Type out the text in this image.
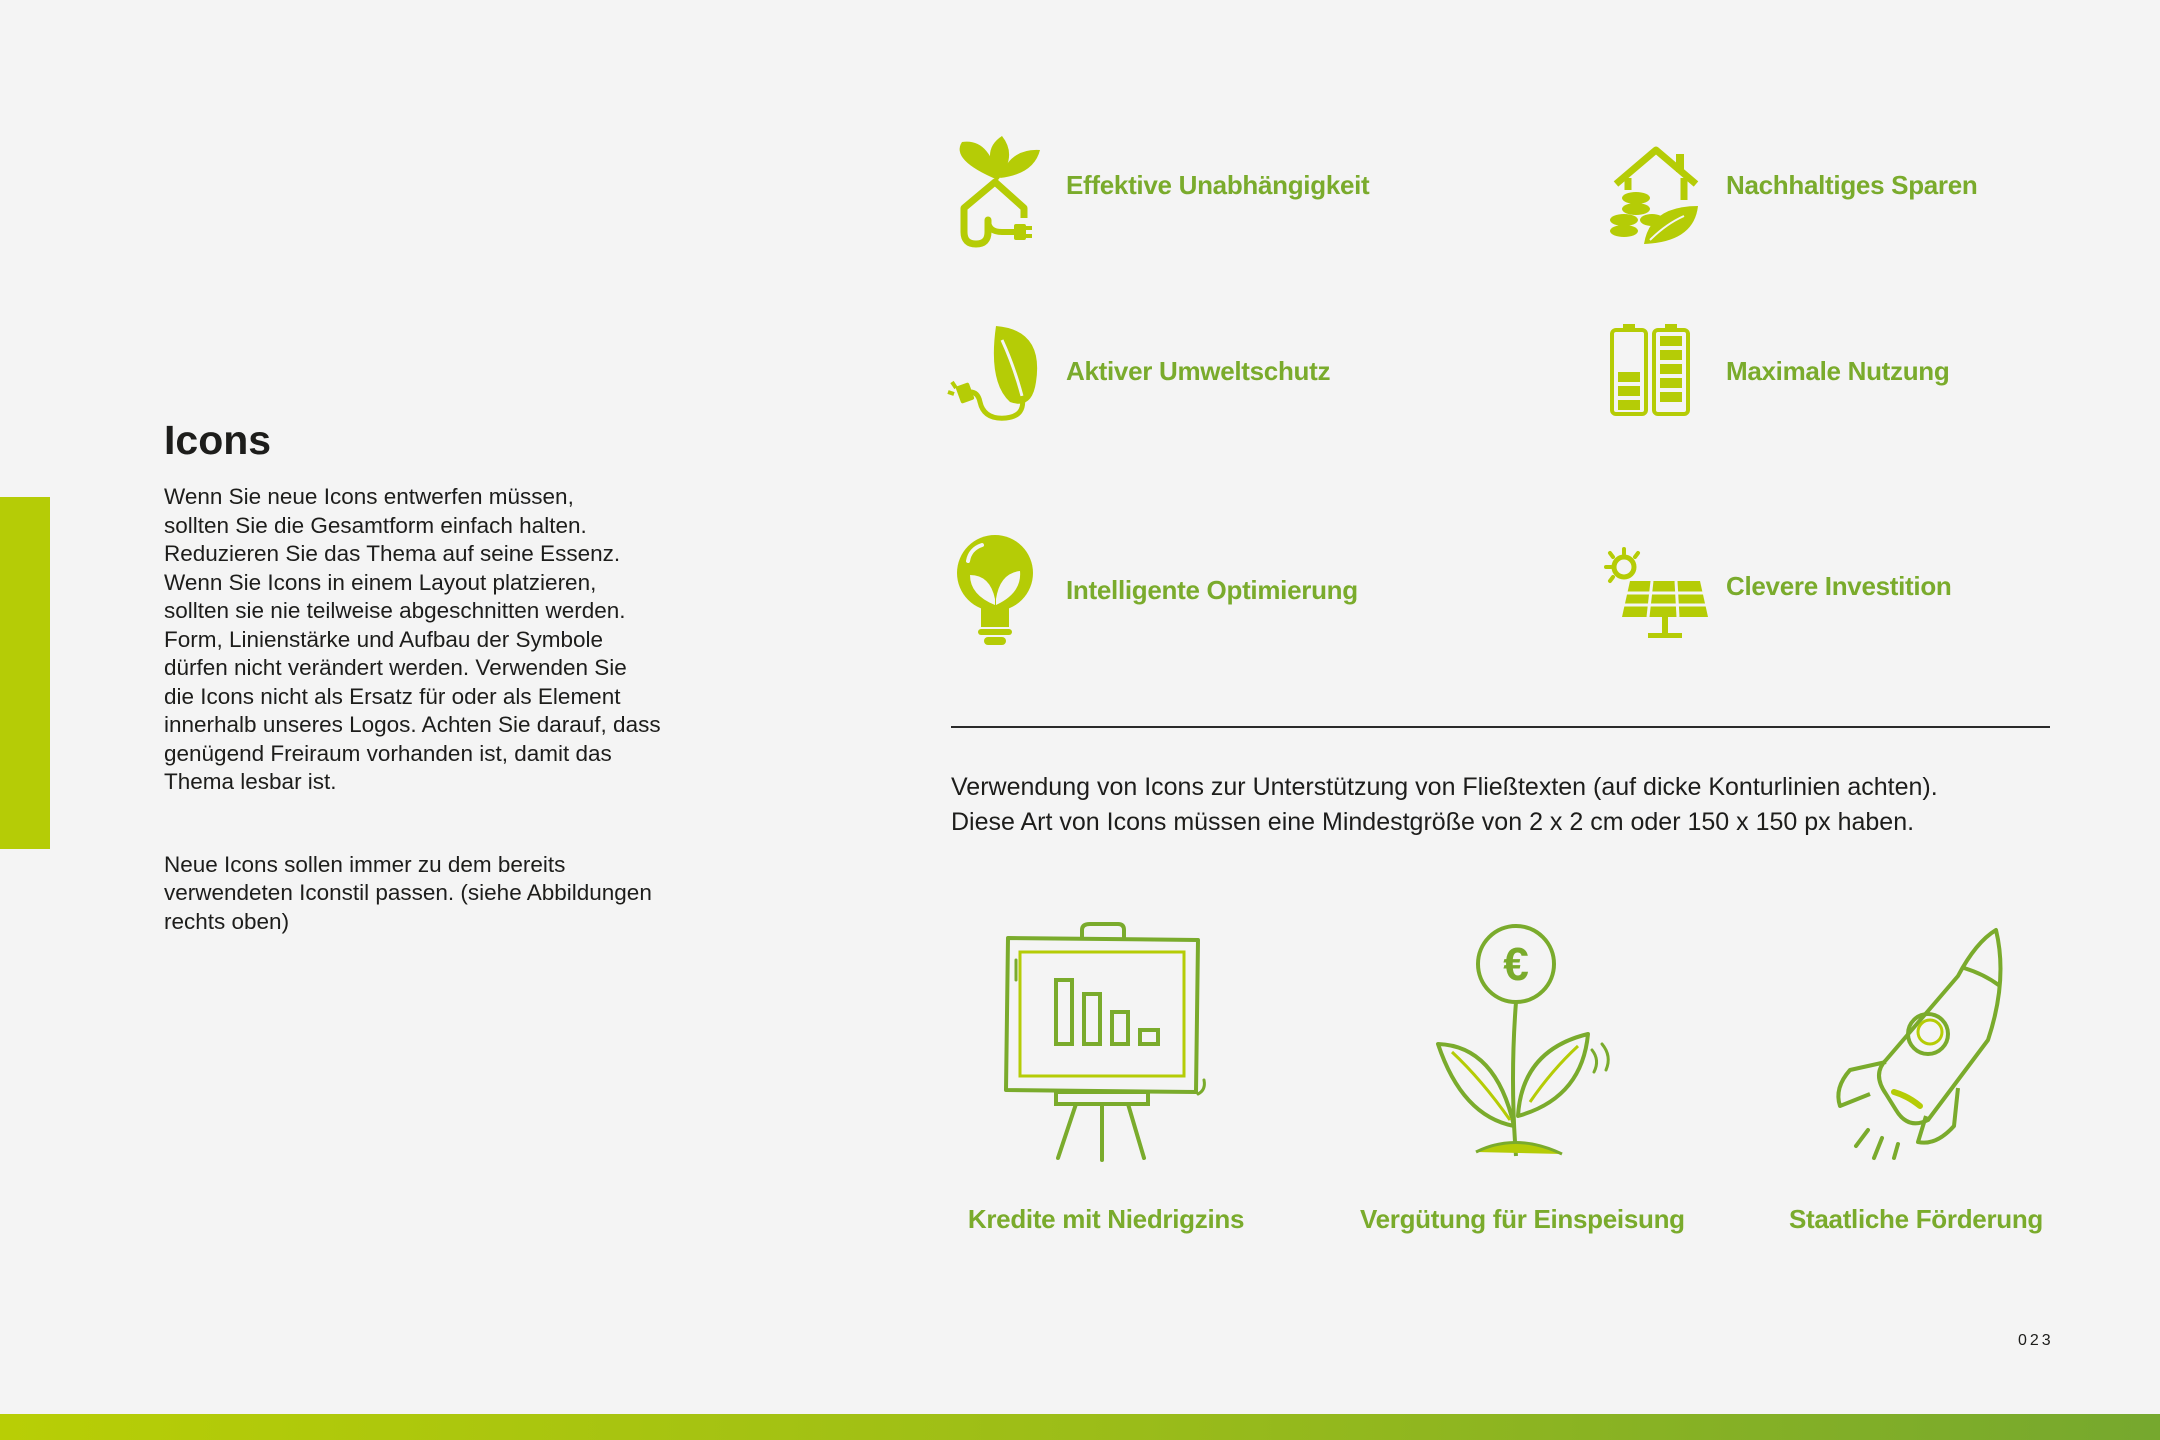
Icons

Wenn Sie neue Icons entwerfen müssen,
sollten Sie die Gesamtform einfach halten.
Reduzieren Sie das Thema auf seine Essenz.
Wenn Sie Icons in einem Layout platzieren,
sollten sie nie teilweise abgeschnitten werden.
Form, Linienstärke und Aufbau der Symbole
dürfen nicht verändert werden. Verwenden Sie
die Icons nicht als Ersatz für oder als Element
innerhalb unseres Logos. Achten Sie darauf, dass
genügend Freiraum vorhanden ist, damit das
Thema lesbar ist.

Neue Icons sollen immer zu dem bereits
verwendeten Iconstil passen. (siehe Abbildungen
rechts oben)

Effektive Unabhängigkeit	Nachhaltiges Sparen
Aktiver Umweltschutz	Maximale Nutzung
Intelligente Optimierung	Clevere Investition
Verwendung von Icons zur Unterstützung von Fließtexten (auf dicke Konturlinien achten).
Diese Art von Icons müssen eine Mindestgröße von 2 x 2 cm oder 150 x 150 px haben.
Kredite mit Niedrigzins
€
Vergütung für Einspeisung	Staatliche Förderung
023
